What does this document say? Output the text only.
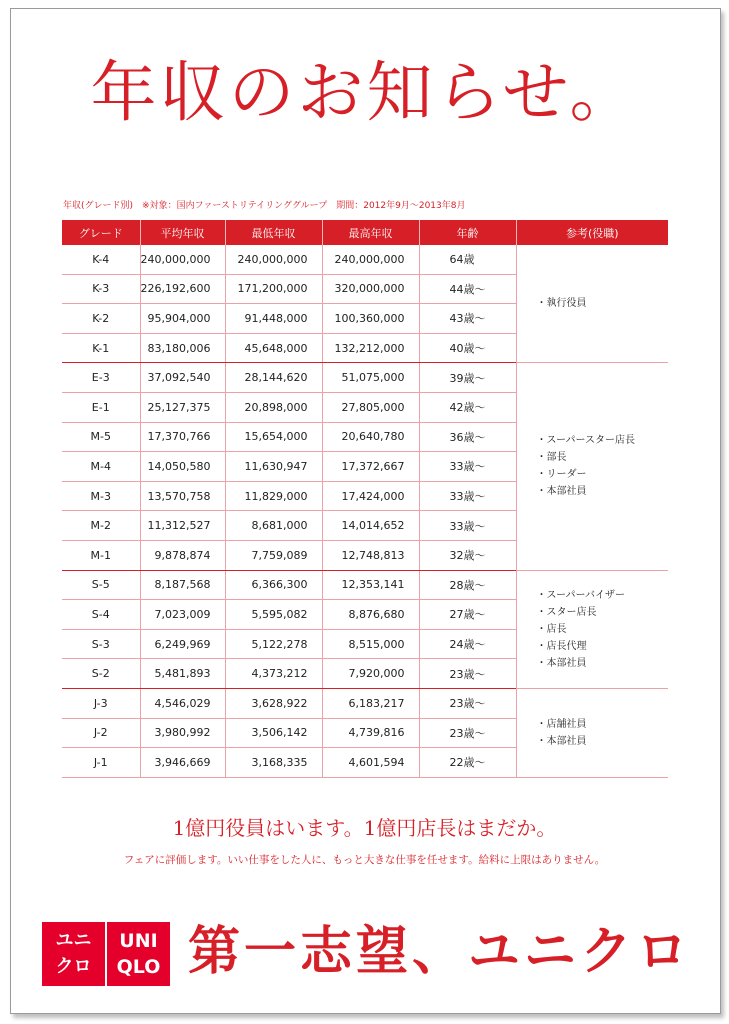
年収のお知らせ。
年収(グレード別)　※対象：国内ファーストリテイリンググループ　期間：2012年9月〜2013年8月
グレード	平均年収	最低年収	最高年収	年齢	参考(役職)
K-4	240,000,000	240,000,000	240,000,000	64歳	・執行役員

K-3	226,192,600	171,200,000	320,000,000	44歳〜	
K-2	95,904,000	91,448,000	100,360,000	43歳〜	
K-1	83,180,006	45,648,000	132,212,000	40歳〜	
E-3	37,092,540	28,144,620	51,075,000	39歳〜	・スーパースター店長
・部長
・リーダー
・本部社員

E-1	25,127,375	20,898,000	27,805,000	42歳〜	
M-5	17,370,766	15,654,000	20,640,780	36歳〜	
M-4	14,050,580	11,630,947	17,372,667	33歳〜	
M-3	13,570,758	11,829,000	17,424,000	33歳〜	
M-2	11,312,527	8,681,000	14,014,652	33歳〜	
M-1	9,878,874	7,759,089	12,748,813	32歳〜	
S-5	8,187,568	6,366,300	12,353,141	28歳〜	・スーパーバイザー
・スター店長
・店長
・店長代理
・本部社員

S-4	7,023,009	5,595,082	8,876,680	27歳〜	
S-3	6,249,969	5,122,278	8,515,000	24歳〜	
S-2	5,481,893	4,373,212	7,920,000	23歳〜	
J-3	4,546,029	3,628,922	6,183,217	23歳〜	・店舗社員
・本部社員

J-2	3,980,992	3,506,142	4,739,816	23歳〜	
J-1	3,946,669	3,168,335	4,601,594	22歳〜	
1億円役員はいます。1億円店長はまだか。
フェアに評価します。いい仕事をした人に、もっと大きな仕事を任せます。給料に上限はありません。
ユニ
クロ
UNI
QLO 第一志望、ユニクロ
